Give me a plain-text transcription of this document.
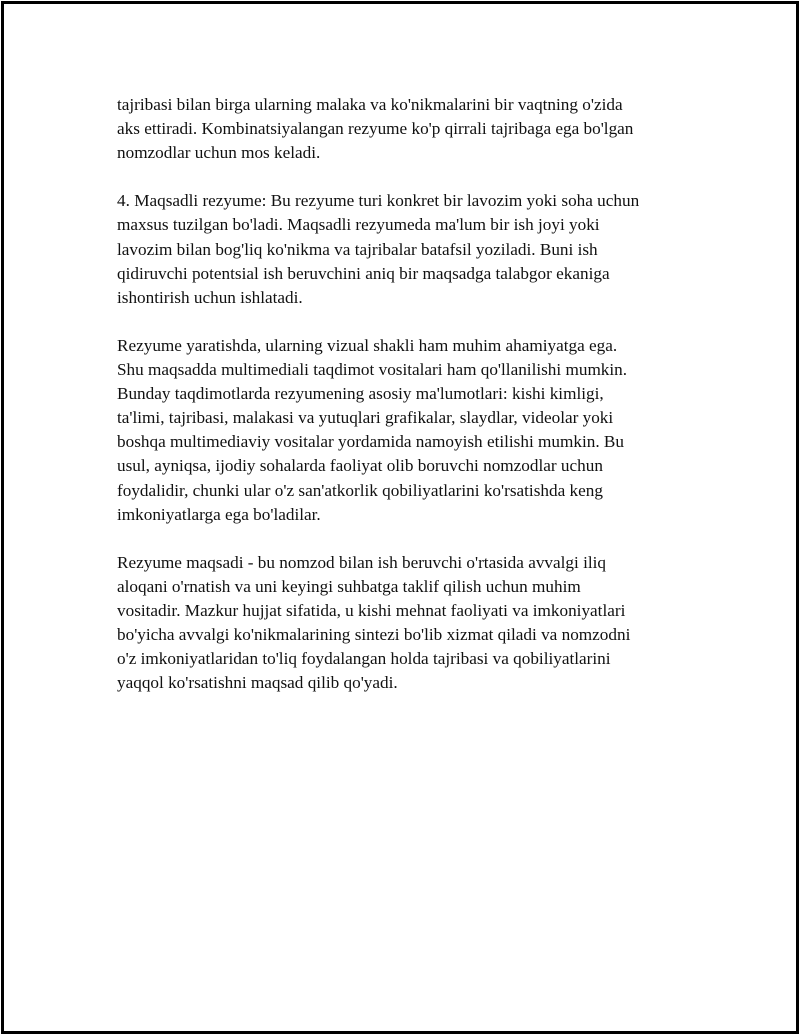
tajribasi bilan birga ularning malaka va ko'nikmalarini bir vaqtning o'zida
aks ettiradi. Kombinatsiyalangan rezyume ko'p qirrali tajribaga ega bo'lgan
nomzodlar uchun mos keladi.
4. Maqsadli rezyume: Bu rezyume turi konkret bir lavozim yoki soha uchun
maxsus tuzilgan bo'ladi. Maqsadli rezyumeda ma'lum bir ish joyi yoki
lavozim bilan bog'liq ko'nikma va tajribalar batafsil yoziladi. Buni ish
qidiruvchi potentsial ish beruvchini aniq bir maqsadga talabgor ekaniga
ishontirish uchun ishlatadi.
Rezyume yaratishda, ularning vizual shakli ham muhim ahamiyatga ega.
Shu maqsadda multimediali taqdimot vositalari ham qo'llanilishi mumkin.
Bunday taqdimotlarda rezyumening asosiy ma'lumotlari: kishi kimligi,
ta'limi, tajribasi, malakasi va yutuqlari grafikalar, slaydlar, videolar yoki
boshqa multimediaviy vositalar yordamida namoyish etilishi mumkin. Bu
usul, ayniqsa, ijodiy sohalarda faoliyat olib boruvchi nomzodlar uchun
foydalidir, chunki ular o'z san'atkorlik qobiliyatlarini ko'rsatishda keng
imkoniyatlarga ega bo'ladilar.
Rezyume maqsadi - bu nomzod bilan ish beruvchi o'rtasida avvalgi iliq
aloqani o'rnatish va uni keyingi suhbatga taklif qilish uchun muhim
vositadir. Mazkur hujjat sifatida, u kishi mehnat faoliyati va imkoniyatlari
bo'yicha avvalgi ko'nikmalarining sintezi bo'lib xizmat qiladi va nomzodni
o'z imkoniyatlaridan to'liq foydalangan holda tajribasi va qobiliyatlarini
yaqqol ko'rsatishni maqsad qilib qo'yadi.
